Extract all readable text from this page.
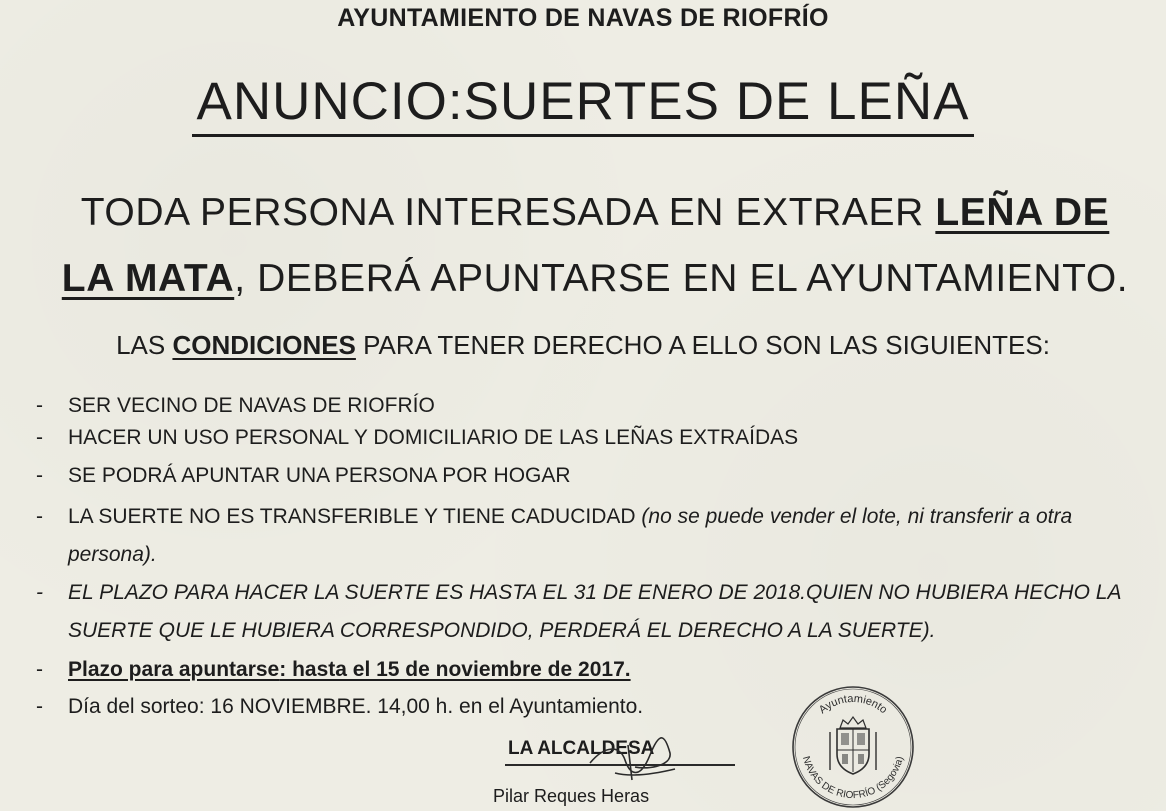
AYUNTAMIENTO DE NAVAS DE RIOFRÍO
ANUNCIO:SUERTES DE LEÑA
TODA PERSONA INTERESADA EN EXTRAER LEÑA DE LA MATA, DEBERÁ APUNTARSE EN EL AYUNTAMIENTO.
LAS CONDICIONES PARA TENER DERECHO A ELLO SON LAS SIGUIENTES:
- SER VECINO DE NAVAS DE RIOFRÍO
- HACER UN USO PERSONAL Y DOMICILIARIO DE LAS LEÑAS EXTRAÍDAS
- SE PODRÁ APUNTAR UNA PERSONA POR HOGAR
- LA SUERTE NO ES TRANSFERIBLE Y TIENE CADUCIDAD (no se puede vender el lote, ni transferir a otra persona).
- EL PLAZO PARA HACER LA SUERTE ES HASTA EL 31 DE ENERO DE 2018.QUIEN NO HUBIERA HECHO LA SUERTE QUE LE HUBIERA CORRESPONDIDO, PERDERÁ EL DERECHO A LA SUERTE).
- Plazo para apuntarse: hasta el 15 de noviembre de 2017.
- Día del sorteo: 16 NOVIEMBRE. 14,00 h. en el Ayuntamiento.
LA ALCALDESA
Pilar Reques Heras
Ayuntamiento
NAVAS DE RIOFRÍO (Segovia)
